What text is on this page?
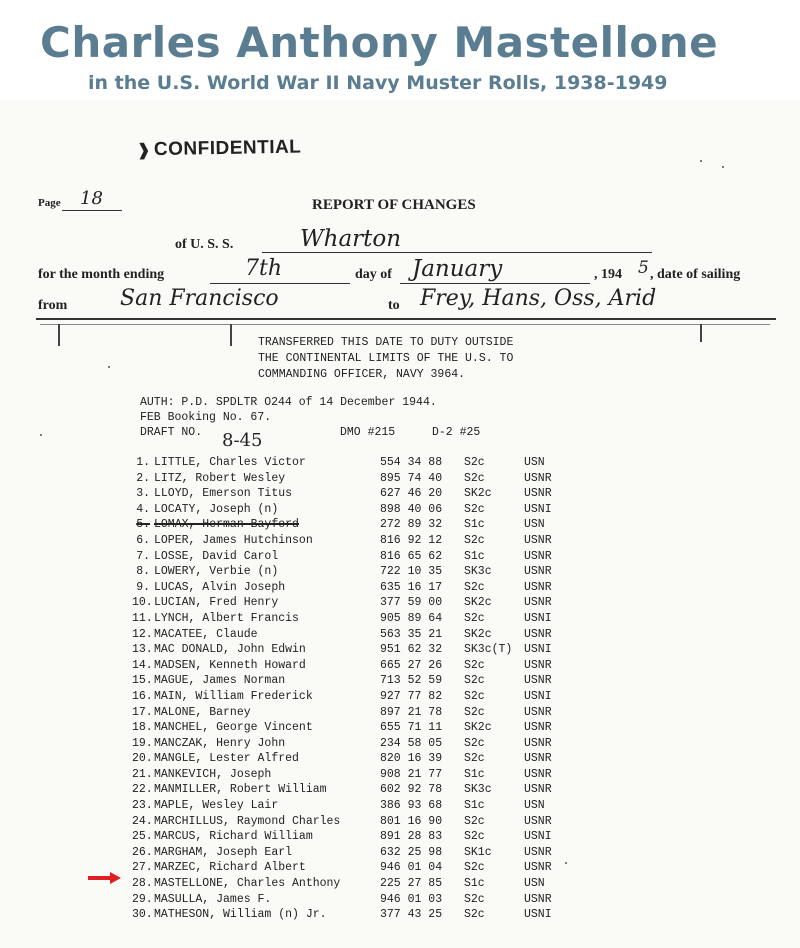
Charles Anthony Mastellone
in the U.S. World War II Navy Muster Rolls, 1938-1949
❱ CONFIDENTIAL
Page 18	REPORT OF CHANGES
of U. S. S.	Wharton
for the month ending	7th	day of January	, 194 5 , date of sailing
from San Francisco	to Frey, Hans, Oss, Arid
TRANSFERRED THIS DATE TO DUTY OUTSIDE
THE CONTINENTAL LIMITS OF THE U.S. TO
COMMANDING OFFICER, NAVY 3964.
AUTH: P.D. SPDLTR O244 of 14 December 1944.
FEB Booking No. 67.
DRAFT NO. 8-45	DMO #215	D-2 #25
1. LITTLE, Charles Victor	554 34 88 S2c	USN
2. LITZ, Robert Wesley	895 74 40 S2c	USNR
3. LLOYD, Emerson Titus	627 46 20 SK2c	USNR
4. LOCATY, Joseph (n)	898 40 06 S2c	USNI
5. LOMAX, Herman Bayford	272 89 32 S1c	USN
6. LOPER, James Hutchinson	816 92 12 S2c	USNR
7. LOSSE, David Carol	816 65 62 S1c	USNR
8. LOWERY, Verbie (n)	722 10 35 SK3c	USNR
9. LUCAS, Alvin Joseph	635 16 17 S2c	USNR
10. LUCIAN, Fred Henry	377 59 00 SK2c	USNR
11. LYNCH, Albert Francis	905 89 64 S2c	USNI
12. MACATEE, Claude	563 35 21 SK2c	USNR
13. MAC DONALD, John Edwin	951 62 32 SK3c(T) USNI
14. MADSEN, Kenneth Howard	665 27 26 S2c	USNR
15. MAGUE, James Norman	713 52 59 S2c	USNR
16. MAIN, William Frederick	927 77 82 S2c	USNI
17. MALONE, Barney	897 21 78 S2c	USNR
18. MANCHEL, George Vincent	655 71 11 SK2c	USNR
19. MANCZAK, Henry John	234 58 05 S2c	USNR
20. MANGLE, Lester Alfred	820 16 39 S2c	USNR
21. MANKEVICH, Joseph	908 21 77 S1c	USNR
22. MANMILLER, Robert William	602 92 78 SK3c	USNR
23. MAPLE, Wesley Lair	386 93 68 S1c	USN
24. MARCHILLUS, Raymond Charles	801 16 90 S2c	USNR
25. MARCUS, Richard William	891 28 83 S2c	USNI
26. MARGHAM, Joseph Earl	632 25 98 SK1c	USNR
27. MARZEC, Richard Albert	946 01 04 S2c	USNR
28. MASTELLONE, Charles Anthony	225 27 85 S1c	USN
29. MASULLA, James F.	946 01 03 S2c	USNR
30. MATHESON, William (n) Jr.	377 43 25 S2c	USNI
